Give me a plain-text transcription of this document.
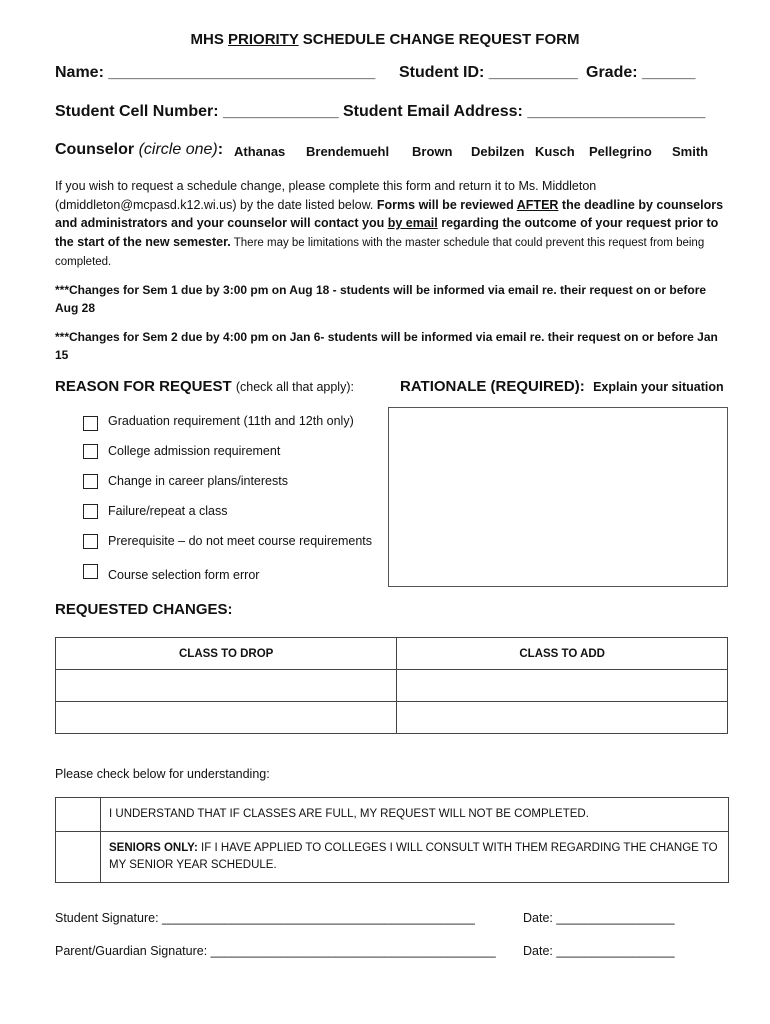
MHS PRIORITY SCHEDULE CHANGE REQUEST FORM
Name: ______________________________ Student ID: __________ Grade: ______
Student Cell Number: _____________ Student Email Address: ____________________
Counselor (circle one): Athanas Brendemuehl Brown Debilzen Kusch Pellegrino Smith
If you wish to request a schedule change, please complete this form and return it to Ms. Middleton (dmiddleton@mcpasd.k12.wi.us) by the date listed below. Forms will be reviewed AFTER the deadline by counselors and administrators and your counselor will contact you by email regarding the outcome of your request prior to the start of the new semester. There may be limitations with the master schedule that could prevent this request from being completed.
***Changes for Sem 1 due by 3:00 pm on Aug 18 - students will be informed via email re. their request on or before Aug 28
***Changes for Sem 2 due by 4:00 pm on Jan 6- students will be informed via email re. their request on or before Jan 15
REASON FOR REQUEST (check all that apply):	RATIONALE (REQUIRED): Explain your situation
Graduation requirement (11th and 12th only)
College admission requirement
Change in career plans/interests
Failure/repeat a class
Prerequisite – do not meet course requirements
Course selection form error
REQUESTED CHANGES:
CLASS TO DROP	CLASS TO ADD

Please check below for understanding:
	I UNDERSTAND THAT IF CLASSES ARE FULL, MY REQUEST WILL NOT BE COMPLETED.
	SENIORS ONLY: IF I HAVE APPLIED TO COLLEGES I WILL CONSULT WITH THEM REGARDING THE CHANGE TO MY SENIOR YEAR SCHEDULE.
Student Signature: _____________________________________________	Date: _________________
Parent/Guardian Signature: _________________________________________ Date: _________________
